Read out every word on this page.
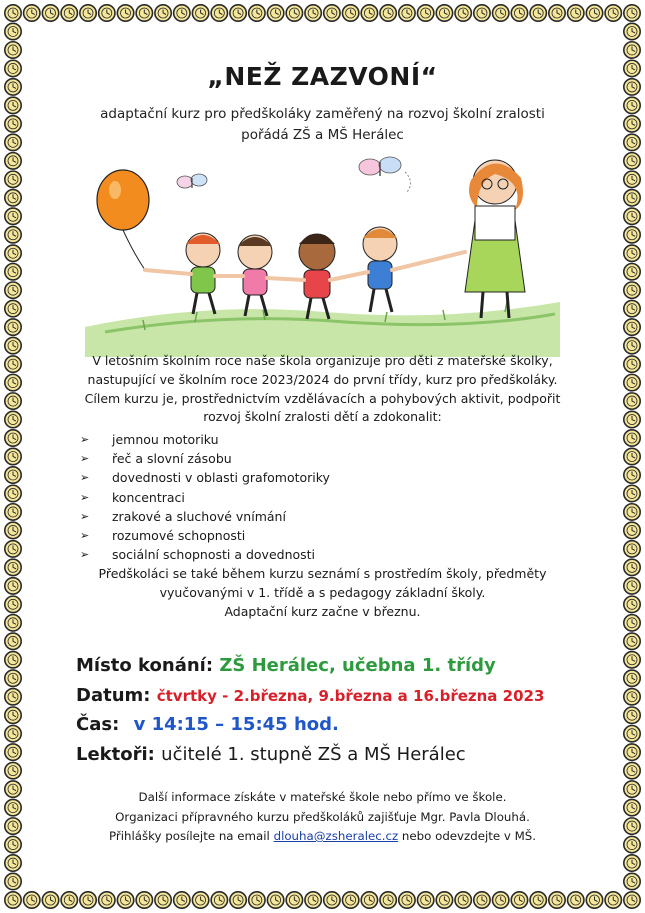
„NEŽ ZAZVONÍ“
adaptační kurz pro předškoláky zaměřený na rozvoj školní zralosti
pořádá ZŠ a MŠ Herálec
V letošním školním roce naše škola organizuje pro děti z mateřské školky,
nastupující ve školním roce 2023/2024 do první třídy, kurz pro předškoláky.
Cílem kurzu je, prostřednictvím vzdělávacích a pohybových aktivit, podpořit
rozvoj školní zralosti dětí a zdokonalit:
➢ jemnou motoriku
➢ řeč a slovní zásobu
➢ dovednosti v oblasti grafomotoriky
➢ koncentraci
➢ zrakové a sluchové vnímání
➢ rozumové schopnosti
➢ sociální schopnosti a dovednosti
Předškoláci se také během kurzu seznámí s prostředím školy, předměty
vyučovanými v 1. třídě a s pedagogy základní školy.
Adaptační kurz začne v březnu.
Místo konání: ZŠ Herálec, učebna 1. třídy
Datum: čtvrtky - 2.března, 9.března a 16.března 2023
Čas: v 14:15 – 15:45 hod.
Lektoři: učitelé 1. stupně ZŠ a MŠ Herálec
Další informace získáte v mateřské škole nebo přímo ve škole.
Organizaci přípravného kurzu předškoláků zajišťuje Mgr. Pavla Dlouhá.
Přihlášky posílejte na email dlouha@zsheralec.cz nebo odevzdejte v MŠ.
